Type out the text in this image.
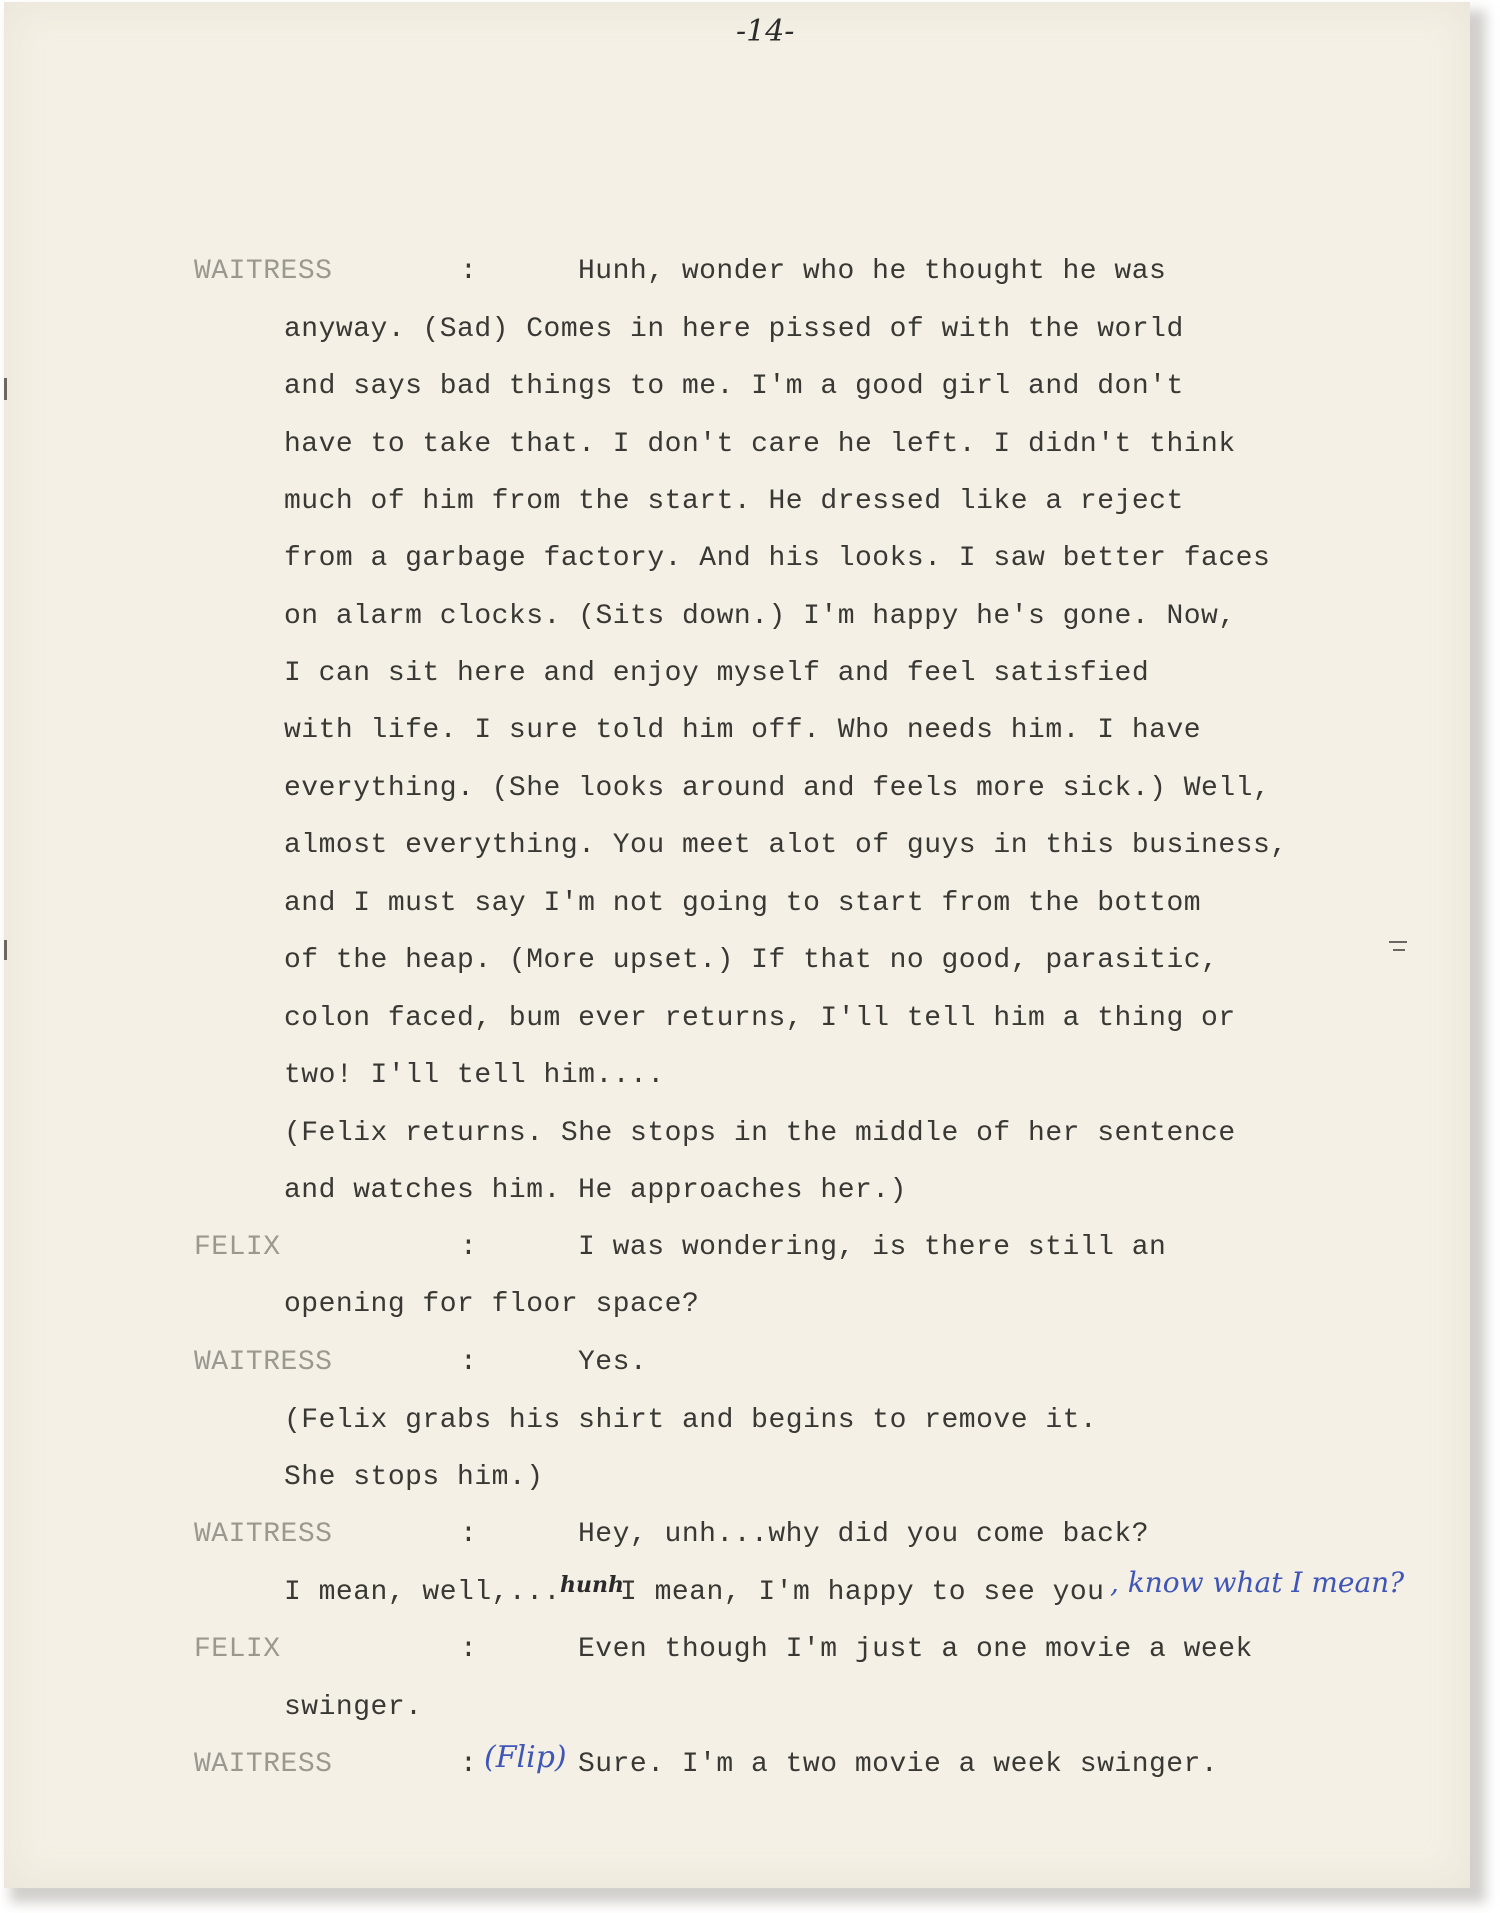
-14-
WAITRESS	:	Hunh, wonder who he thought he was
anyway. (Sad) Comes in here pissed of with the world
and says bad things to me. I'm a good girl and don't
have to take that. I don't care he left. I didn't think
much of him from the start. He dressed like a reject
from a garbage factory. And his looks. I saw better faces
on alarm clocks. (Sits down.) I'm happy he's gone. Now,
I can sit here and enjoy myself and feel satisfied
with life. I sure told him off. Who needs him. I have
everything. (She looks around and feels more sick.) Well,
almost everything. You meet alot of guys in this business,
and I must say I'm not going to start from the bottom
of the heap. (More upset.) If that no good, parasitic,
colon faced, bum ever returns, I'll tell him a thing or
two! I'll tell him....
(Felix returns. She stops in the middle of her sentence
and watches him. He approaches her.)
FELIX	:	I was wondering, is there still an
opening for floor space?
WAITRESS	:	Yes.
(Felix grabs his shirt and begins to remove it.
She stops him.)
WAITRESS	:	Hey, unh...why did you come back?
I mean, well,... hunh
I mean, I'm happy to see you , know what I mean?
FELIX	:	Even though I'm just a one movie a week
swinger.
WAITRESS	: (Flip) Sure. I'm a two movie a week swinger.
